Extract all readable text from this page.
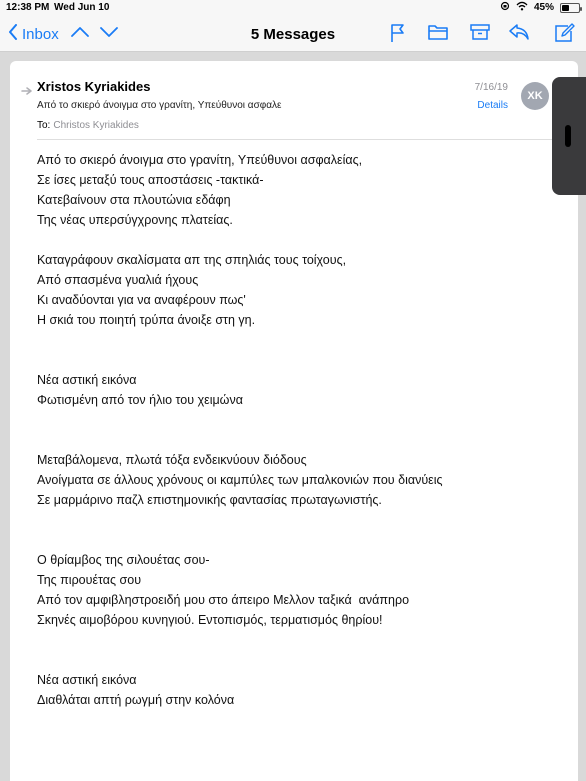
12:38 PM Wed Jun 10	45%
Inbox	5 Messages
Xristos Kyriakides
Από το σκιερό άνοιγμα στο γρανίτη, Υπεύθυνοι ασφαλε
To: Christos Kyriakides
7/16/19
Details
XK
Από το σκιερό άνοιγμα στο γρανίτη, Υπεύθυνοι ασφαλείας,
Σε ίσες μεταξύ τους αποστάσεις -τακτικά-
Κατεβαίνουν στα πλουτώνια εδάφη
Της νέας υπερσύγχρονης πλατείας.
Καταγράφουν σκαλίσματα απ της σπηλιάς τους τοίχους,
Από σπασμένα γυαλιά ήχους
Κι αναδύονται για να αναφέρουν πως'
Η σκιά του ποιητή τρύπα άνοιξε στη γη.
Νέα αστική εικόνα
Φωτισμένη από τον ήλιο του χειμώνα
Μεταβάλομενα, πλωτά τόξα ενδεικνύουν διόδους
Ανοίγματα σε άλλους χρόνους οι καμπύλες των μπαλκονιών που διανύεις
Σε μαρμάρινο παζλ επιστημονικής φαντασίας πρωταγωνιστής.
Ο θρίαμβος της σιλουέτας σου-
Της πιρουέτας σου
Από τον αμφιβληστροειδή μου στο άπειρο Μελλον ταξικά  ανάπηρο
Σκηνές αιμοβόρου κυνηγιού. Εντοπισμός, τερματισμός θηρίου!
Νέα αστική εικόνα
Διαθλάται απτή ρωγμή στην κολόνα
